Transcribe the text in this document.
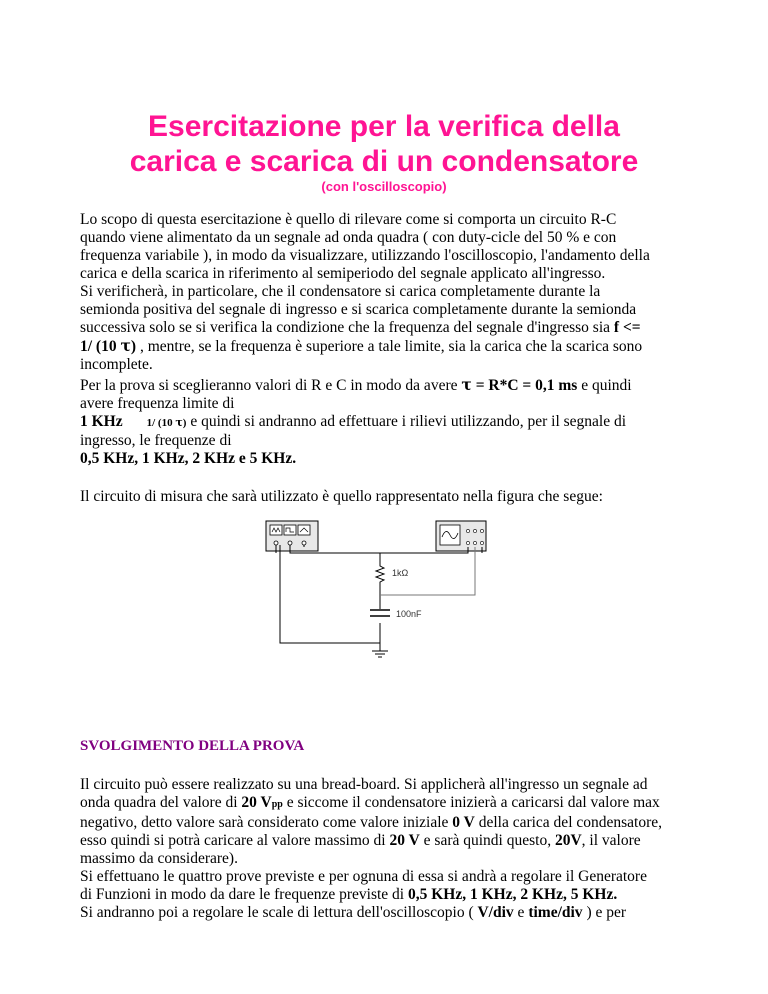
Esercitazione per la verifica della
carica e scarica di un condensatore
(con l'oscilloscopio)
Lo scopo di questa esercitazione è quello di rilevare come si comporta un circuito R-C
quando viene alimentato da un segnale ad onda quadra ( con duty-cicle del 50 % e con
frequenza variabile ), in modo da visualizzare, utilizzando l'oscilloscopio, l'andamento della
carica e della scarica in riferimento al semiperiodo del segnale applicato all'ingresso.
Si verificherà, in particolare, che il condensatore si carica completamente durante la
semionda positiva del segnale di ingresso e si scarica completamente durante la semionda
successiva solo se si verifica la condizione che la frequenza del segnale d'ingresso sia f <=
1/ (10 τ) , mentre, se la frequenza è superiore a tale limite, sia la carica che la scarica sono
incomplete.
Per la prova si sceglieranno valori di R e C in modo da avere τ = R*C = 0,1 ms e quindi
avere frequenza limite di
1 KHz 1/ (10 τ) e quindi si andranno ad effettuare i rilievi utilizzando, per il segnale di
ingresso, le frequenze di
0,5 KHz, 1 KHz, 2 KHz e 5 KHz.
Il circuito di misura che sarà utilizzato è quello rappresentato nella figura che segue:
1kΩ
100nF
SVOLGIMENTO DELLA PROVA
Il circuito può essere realizzato su una bread-board. Si applicherà all'ingresso un segnale ad
onda quadra del valore di 20 Vpp e siccome il condensatore inizierà a caricarsi dal valore max
negativo, detto valore sarà considerato come valore iniziale 0 V della carica del condensatore,
esso quindi si potrà caricare al valore massimo di 20 V e sarà quindi questo, 20V, il valore
massimo da considerare).
Si effettuano le quattro prove previste e per ognuna di essa si andrà a regolare il Generatore
di Funzioni in modo da dare le frequenze previste di 0,5 KHz, 1 KHz, 2 KHz, 5 KHz.
Si andranno poi a regolare le scale di lettura dell'oscilloscopio ( V/div e time/div ) e per
